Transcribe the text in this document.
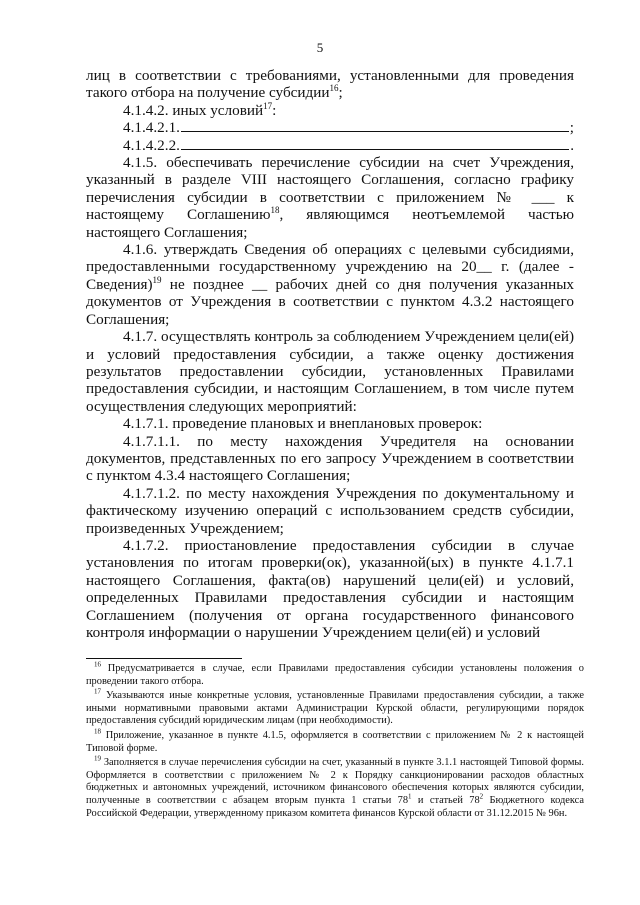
5

лиц в соответствии с требованиями, установленными для проведения такого отбора на получение субсидии$^{16}$;

4.1.4.2. иных условий$^{17}$:

4.1.4.2.1.	;

4.1.4.2.2.	.

4.1.5. обеспечивать перечисление субсидии на счет Учреждения, указанный в разделе VIII настоящего Соглашения, согласно графику перечисления субсидии в соответствии с приложением № ___ к настоящему Соглашению$^{18}$, являющимся неотъемлемой частью настоящего Соглашения;

4.1.6. утверждать Сведения об операциях с целевыми субсидиями, предоставленными государственному учреждению на 20__ г. (далее - Сведения)$^{19}$ не позднее __ рабочих дней со дня получения указанных документов от Учреждения в соответствии с пунктом 4.3.2 настоящего Соглашения;

4.1.7. осуществлять контроль за соблюдением Учреждением цели(ей) и условий предоставления субсидии, а также оценку достижения результатов предоставлении субсидии, установленных Правилами предоставления субсидии, и настоящим Соглашением, в том числе путем осуществления следующих мероприятий:

4.1.7.1. проведение плановых и внеплановых проверок:

4.1.7.1.1. по месту нахождения Учредителя на основании документов, представленных по его запросу Учреждением в соответствии с пунктом 4.3.4 настоящего Соглашения;

4.1.7.1.2. по месту нахождения Учреждения по документальному и фактическому изучению операций с использованием средств субсидии, произведенных Учреждением;

4.1.7.2. приостановление предоставления субсидии в случае установления по итогам проверки(ок), указанной(ых) в пункте 4.1.7.1 настоящего Соглашения, факта(ов) нарушений цели(ей) и условий, определенных Правилами предоставления субсидии и настоящим Соглашением (получения от органа государственного финансового контроля информации о нарушении Учреждением цели(ей) и условий

$^{16}$ Предусматривается в случае, если Правилами предоставления субсидии установлены положения о проведении такого отбора.

$^{17}$ Указываются иные конкретные условия, установленные Правилами предоставления субсидии, а также иными нормативными правовыми актами Администрации Курской области, регулирующими порядок предоставления субсидий юридическим лицам (при необходимости).

$^{18}$ Приложение, указанное в пункте 4.1.5, оформляется в соответствии с приложением № 2 к настоящей Типовой форме.

$^{19}$ Заполняется в случае перечисления субсидии на счет, указанный в пункте 3.1.1 настоящей Типовой формы. Оформляется в соответствии с приложением № 2 к Порядку санкционировании расходов областных бюджетных и автономных учреждений, источником финансового обеспечения которых являются субсидии, полученные в соответствии с абзацем вторым пункта 1 статьи $78^1$ и статьей $78^2$ Бюджетного кодекса Российской Федерации, утвержденному приказом комитета финансов Курской области от 31.12.2015 № 96н.
